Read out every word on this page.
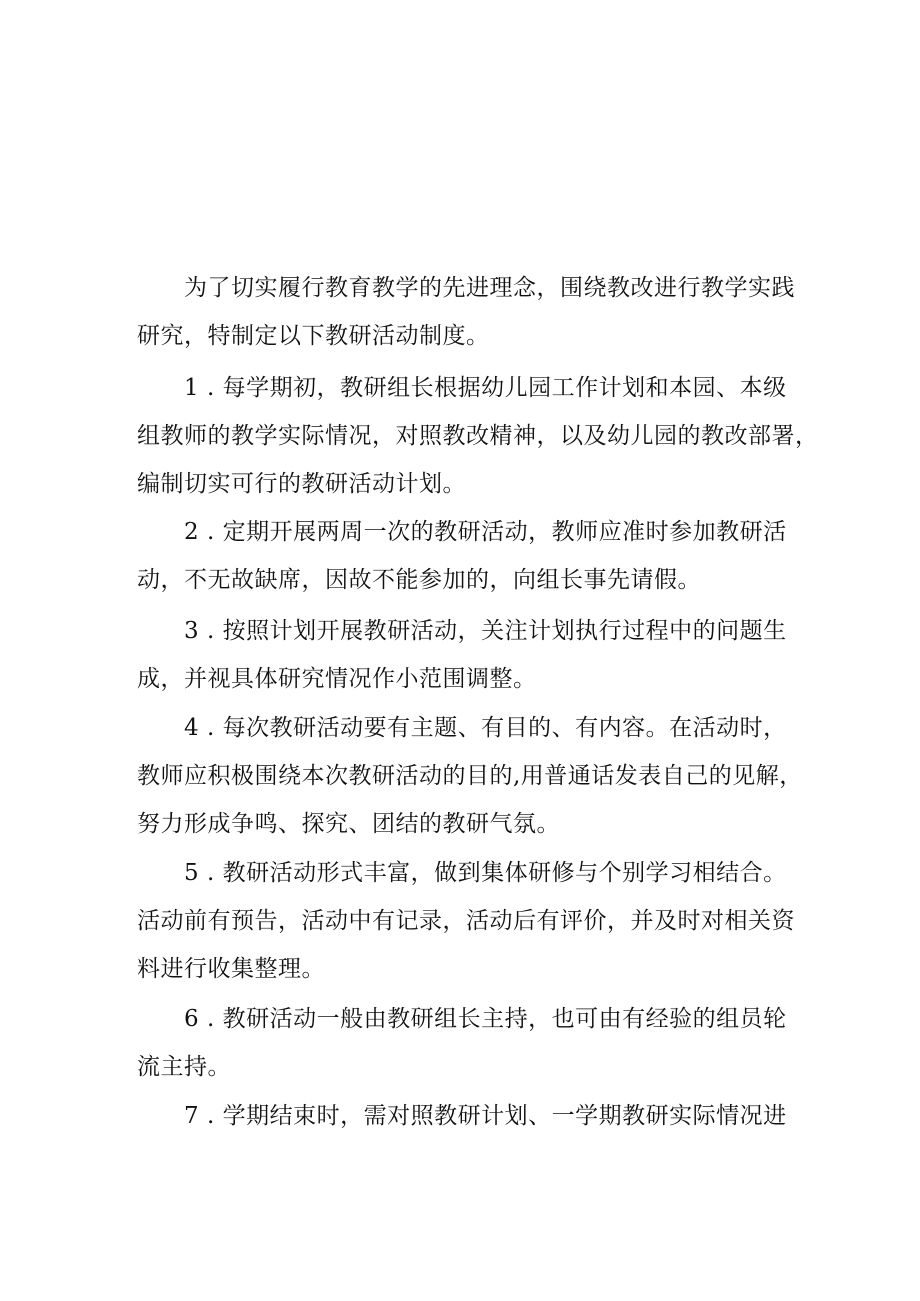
为了切实履行教育教学的先进理念，围绕教改进行教学实践
研究，特制定以下教研活动制度。
1 . 每学期初，教研组长根据幼儿园工作计划和本园、本级
组教师的教学实际情况，对照教改精神，以及幼儿园的教改部署，
编制切实可行的教研活动计划。
2 . 定期开展两周一次的教研活动，教师应准时参加教研活
动，不无故缺席，因故不能参加的，向组长事先请假。
3 . 按照计划开展教研活动，关注计划执行过程中的问题生
成，并视具体研究情况作小范围调整。
4 . 每次教研活动要有主题、有目的、有内容。在活动时，
教师应积极围绕本次教研活动的目的,用普通话发表自己的见解，
努力形成争鸣、探究、团结的教研气氛。
5 . 教研活动形式丰富，做到集体研修与个别学习相结合。
活动前有预告，活动中有记录，活动后有评价，并及时对相关资
料进行收集整理。
6 . 教研活动一般由教研组长主持，也可由有经验的组员轮
流主持。
7 . 学期结束时，需对照教研计划、一学期教研实际情况进
